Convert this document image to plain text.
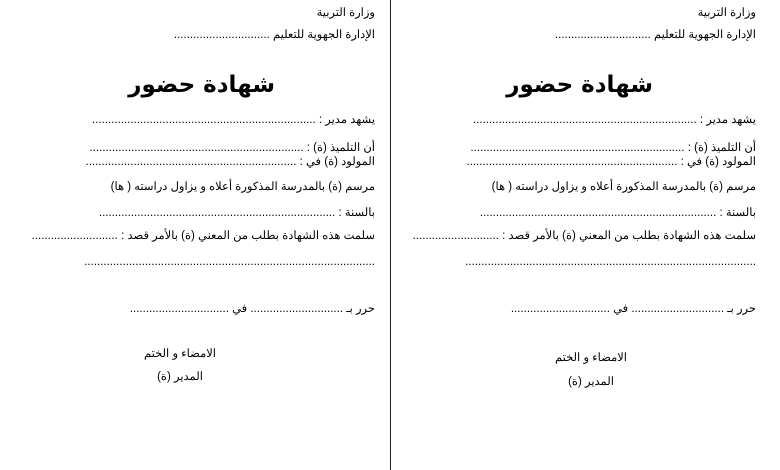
وزارة التربية
الإدارة الجهوية للتعليم ..............................
شهادة حضور
يشهد مدير : ......................................................................
أن التلميذ (ة) : ...................................................................
المولود (ة) في : ..................................................................
مرسم (ة) بالمدرسة المذكورة أعلاه و يزاول دراسته ( ها)
بالسنة : ..........................................................................
سلمت هذه الشهادة بطلب من المعني (ة) بالأمر قصد : ...........................
...........................................................................................
حرر بـ ............................. في ...............................
الامضاء و الختم
المدير (ة)
وزارة التربية
الإدارة الجهوية للتعليم ..............................
شهادة حضور
يشهد مدير : ......................................................................
أن التلميذ (ة) : ...................................................................
المولود (ة) في : ..................................................................
مرسم (ة) بالمدرسة المذكورة أعلاه و يزاول دراسته ( ها)
بالسنة : ..........................................................................
سلمت هذه الشهادة بطلب من المعني (ة) بالأمر قصد : ...........................
...........................................................................................
حرر بـ ............................. في ...............................
الامضاء و الختم
المدير (ة)
